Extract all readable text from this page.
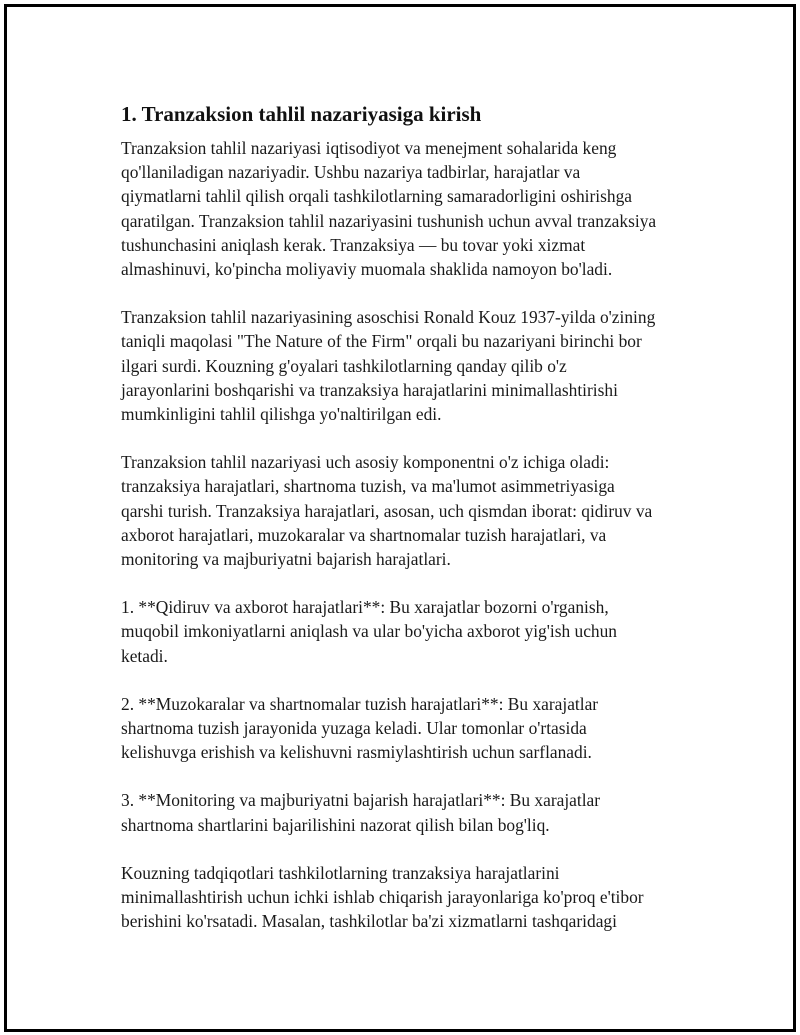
1. Tranzaksion tahlil nazariyasiga kirish

Tranzaksion tahlil nazariyasi iqtisodiyot va menejment sohalarida keng
qo'llaniladigan nazariyadir. Ushbu nazariya tadbirlar, harajatlar va
qiymatlarni tahlil qilish orqali tashkilotlarning samaradorligini oshirishga
qaratilgan. Tranzaksion tahlil nazariyasini tushunish uchun avval tranzaksiya
tushunchasini aniqlash kerak. Tranzaksiya — bu tovar yoki xizmat
almashinuvi, ko'pincha moliyaviy muomala shaklida namoyon bo'ladi.

Tranzaksion tahlil nazariyasining asoschisi Ronald Kouz 1937-yilda o'zining
taniqli maqolasi "The Nature of the Firm" orqali bu nazariyani birinchi bor
ilgari surdi. Kouzning g'oyalari tashkilotlarning qanday qilib o'z
jarayonlarini boshqarishi va tranzaksiya harajatlarini minimallashtirishi
mumkinligini tahlil qilishga yo'naltirilgan edi.

Tranzaksion tahlil nazariyasi uch asosiy komponentni o'z ichiga oladi:
tranzaksiya harajatlari, shartnoma tuzish, va ma'lumot asimmetriyasiga
qarshi turish. Tranzaksiya harajatlari, asosan, uch qismdan iborat: qidiruv va
axborot harajatlari, muzokaralar va shartnomalar tuzish harajatlari, va
monitoring va majburiyatni bajarish harajatlari.

1. **Qidiruv va axborot harajatlari**: Bu xarajatlar bozorni o'rganish,
muqobil imkoniyatlarni aniqlash va ular bo'yicha axborot yig'ish uchun
ketadi.

2. **Muzokaralar va shartnomalar tuzish harajatlari**: Bu xarajatlar
shartnoma tuzish jarayonida yuzaga keladi. Ular tomonlar o'rtasida
kelishuvga erishish va kelishuvni rasmiylashtirish uchun sarflanadi.

3. **Monitoring va majburiyatni bajarish harajatlari**: Bu xarajatlar
shartnoma shartlarini bajarilishini nazorat qilish bilan bog'liq.

Kouzning tadqiqotlari tashkilotlarning tranzaksiya harajatlarini
minimallashtirish uchun ichki ishlab chiqarish jarayonlariga ko'proq e'tibor
berishini ko'rsatadi. Masalan, tashkilotlar ba'zi xizmatlarni tashqaridagi
